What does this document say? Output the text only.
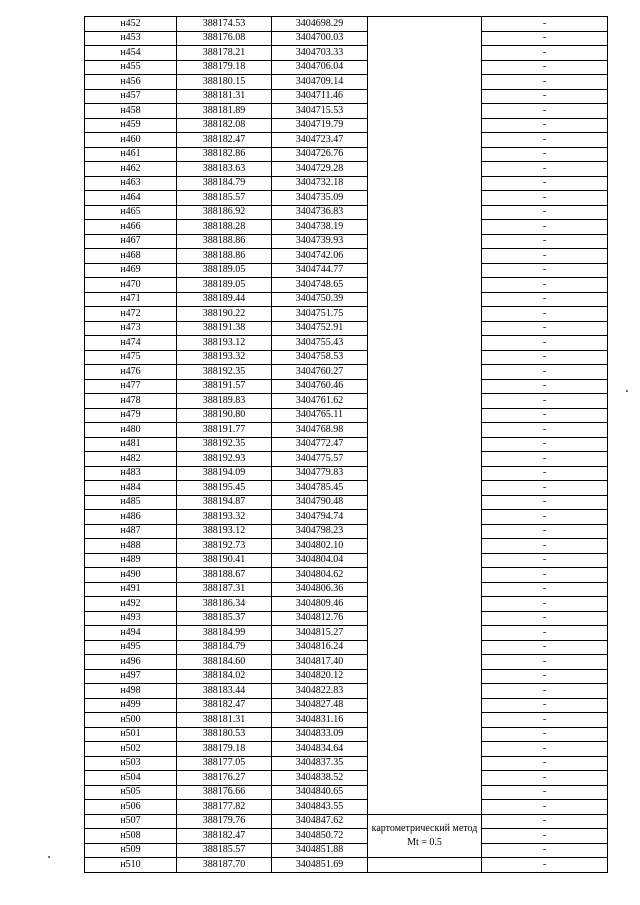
н452	388174.53	3404698.29		-
н453	388176.08	3404700.03		-
н454	388178.21	3404703.33		-
н455	388179.18	3404706.04		-
н456	388180.15	3404709.14		-
н457	388181.31	3404711.46		-
н458	388181.89	3404715.53		-
н459	388182.08	3404719.79		-
н460	388182.47	3404723.47		-
н461	388182.86	3404726.76		-
н462	388183.63	3404729.28		-
н463	388184.79	3404732.18		-
н464	388185.57	3404735.09		-
н465	388186.92	3404736.83		-
н466	388188.28	3404738.19		-
н467	388188.86	3404739.93		-
н468	388188.86	3404742.06		-
н469	388189.05	3404744.77		-
н470	388189.05	3404748.65		-
н471	388189.44	3404750.39		-
н472	388190.22	3404751.75		-
н473	388191.38	3404752.91		-
н474	388193.12	3404755.43		-
н475	388193.32	3404758.53		-
н476	388192.35	3404760.27		-
н477	388191.57	3404760.46		-
н478	388189.83	3404761.62		-
н479	388190.80	3404765.11		-
н480	388191.77	3404768.98		-
н481	388192.35	3404772.47		-
н482	388192.93	3404775.57		-
н483	388194.09	3404779.83		-
н484	388195.45	3404785.45		-
н485	388194.87	3404790.48		-
н486	388193.32	3404794.74		-
н487	388193.12	3404798.23		-
н488	388192.73	3404802.10		-
н489	388190.41	3404804.04		-
н490	388188.67	3404804.62		-
н491	388187.31	3404806.36		-
н492	388186.34	3404809.46		-
н493	388185.37	3404812.76		-
н494	388184.99	3404815.27		-
н495	388184.79	3404816.24		-
н496	388184.60	3404817.40		-
н497	388184.02	3404820.12		-
н498	388183.44	3404822.83		-
н499	388182.47	3404827.48		-
н500	388181.31	3404831.16		-
н501	388180.53	3404833.09		-
н502	388179.18	3404834.64		-
н503	388177.05	3404837.35		-
н504	388176.27	3404838.52		-
н505	388176.66	3404840.65		-
н506	388177.82	3404843.55		-
н507	388179.76	3404847.62	картометрический метод Mt = 0.5	-
н508	388182.47	3404850.72		-
н509	388185.57	3404851.88		-
н510	388187.70	3404851.69		-
